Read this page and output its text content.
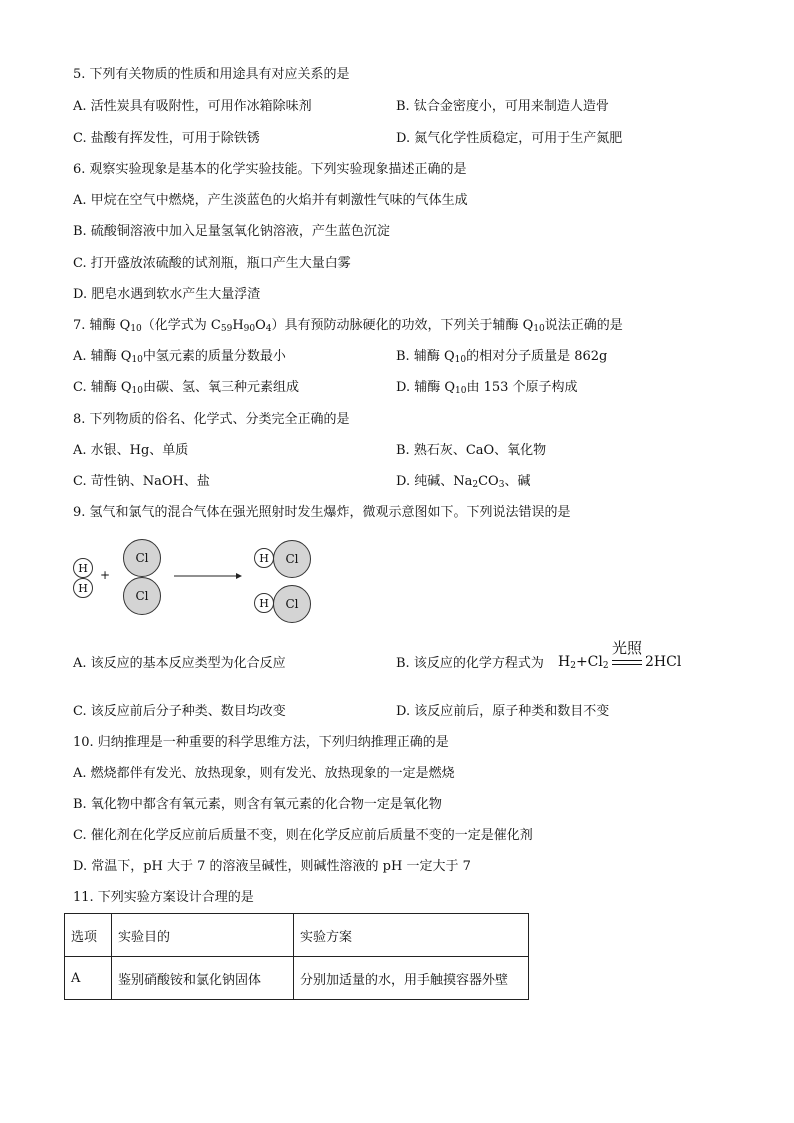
5. 下列有关物质的性质和用途具有对应关系的是
A. 活性炭具有吸附性，可用作冰箱除味剂	B. 钛合金密度小，可用来制造人造骨
C. 盐酸有挥发性，可用于除铁锈	D. 氮气化学性质稳定，可用于生产氮肥
6. 观察实验现象是基本的化学实验技能。下列实验现象描述正确的是
A. 甲烷在空气中燃烧，产生淡蓝色的火焰并有刺激性气味的气体生成
B. 硫酸铜溶液中加入足量氢氧化钠溶液，产生蓝色沉淀
C. 打开盛放浓硫酸的试剂瓶，瓶口产生大量白雾
D. 肥皂水遇到软水产生大量浮渣
7. 辅酶 $Q_{10}$（化学式为 $C_{59}H_{90}O_4$）具有预防动脉硬化的功效，下列关于辅酶 $Q_{10}$说法正确的是
A. 辅酶 $Q_{10}$中氢元素的质量分数最小	B. 辅酶 $Q_{10}$的相对分子质量是 862g
C. 辅酶 $Q_{10}$由碳、氢、氧三种元素组成	D. 辅酶 $Q_{10}$由 153 个原子构成
8. 下列物质的俗名、化学式、分类完全正确的是
A. 水银、Hg、单质	B. 熟石灰、CaO、氧化物
C. 苛性钠、NaOH、盐	D. 纯碱、$Na_2CO_3$、碱
9. 氢气和氯气的混合气体在强光照射时发生爆炸，微观示意图如下。下列说法错误的是
H
H
+
Cl
Cl
Cl
H
Cl
H
A. 该反应的基本反应类型为化合反应	B. 该反应的化学方程式为 $H_2+Cl_2$
光照
2HCl
C. 该反应前后分子种类、数目均改变	D. 该反应前后，原子种类和数目不变
10. 归纳推理是一种重要的科学思维方法，下列归纳推理正确的是
A. 燃烧都伴有发光、放热现象，则有发光、放热现象的一定是燃烧
B. 氧化物中都含有氧元素，则含有氧元素的化合物一定是氧化物
C. 催化剂在化学反应前后质量不变，则在化学反应前后质量不变的一定是催化剂
D. 常温下，pH 大于 7 的溶液呈碱性，则碱性溶液的 pH 一定大于 7
11. 下列实验方案设计合理的是
选项	实验目的	实验方案
A	鉴别硝酸铵和氯化钠固体	分别加适量的水，用手触摸容器外壁
